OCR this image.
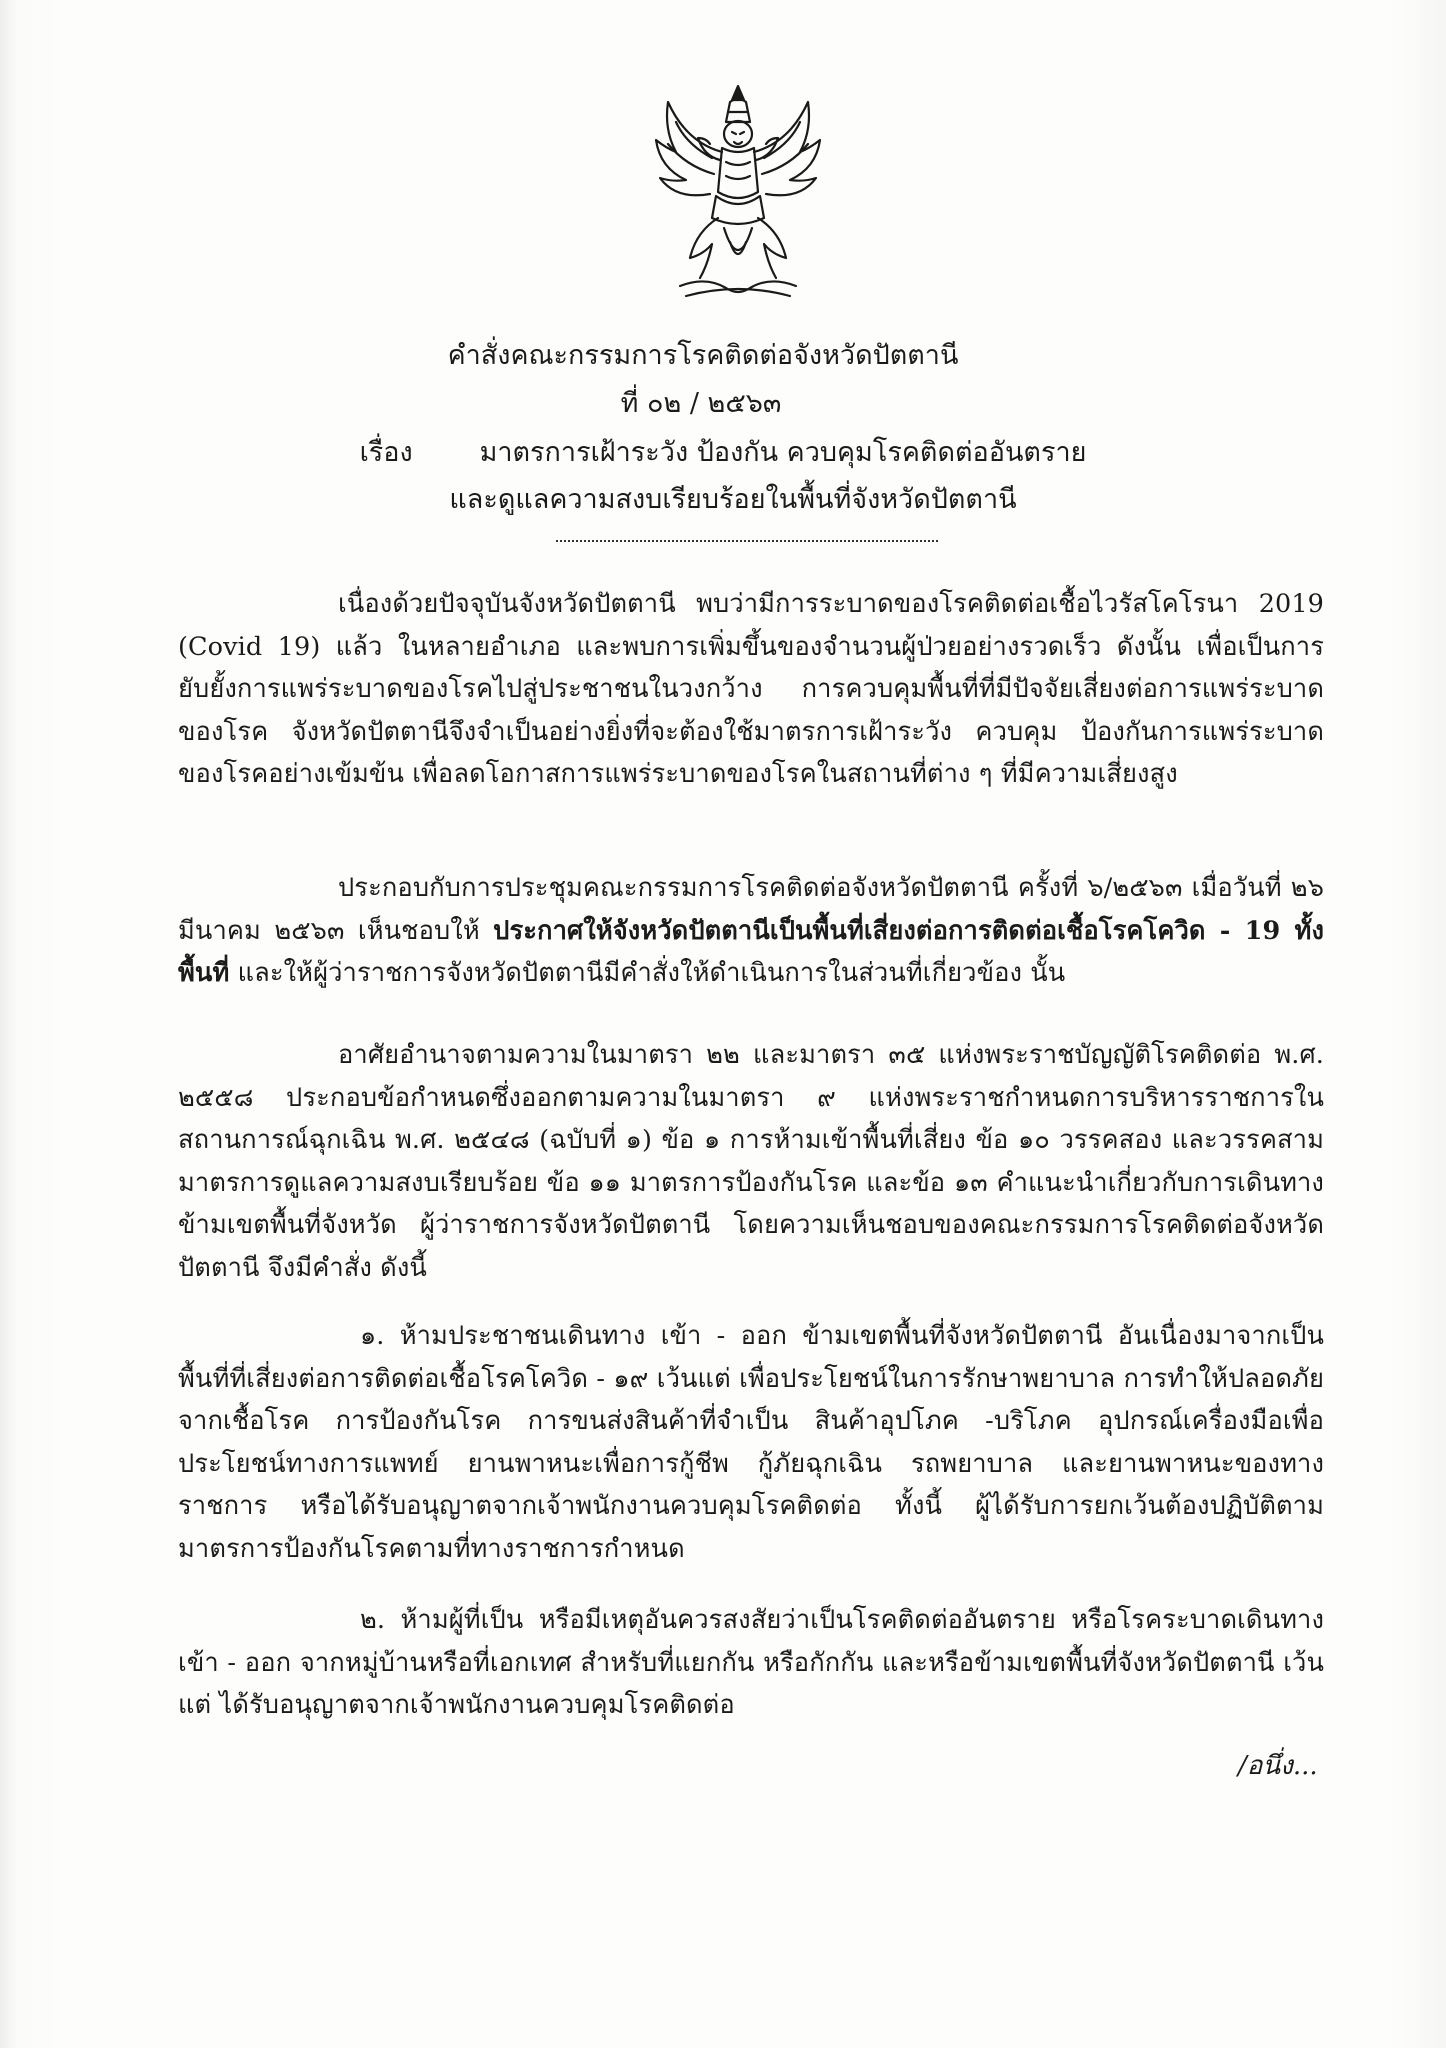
คำสั่งคณะกรรมการโรคติดต่อจังหวัดปัตตานี
ที่ ๐๒ / ๒๕๖๓
เรื่อง มาตรการเฝ้าระวัง ป้องกัน ควบคุมโรคติดต่ออันตราย
และดูแลความสงบเรียบร้อยในพื้นที่จังหวัดปัตตานี
เนื่องด้วยปัจจุบันจังหวัดปัตตานี พบว่ามีการระบาดของโรคติดต่อเชื้อไวรัสโคโรนา 2019 (Covid 19) แล้ว ในหลายอำเภอ และพบการเพิ่มขึ้นของจำนวนผู้ป่วยอย่างรวดเร็ว ดังนั้น เพื่อเป็นการยับยั้งการแพร่ระบาดของโรคไปสู่ประชาชนในวงกว้าง การควบคุมพื้นที่ที่มีปัจจัยเสี่ยงต่อการแพร่ระบาดของโรค จังหวัดปัตตานีจึงจำเป็นอย่างยิ่งที่จะต้องใช้มาตรการเฝ้าระวัง ควบคุม ป้องกันการแพร่ระบาดของโรคอย่างเข้มข้น เพื่อลดโอกาสการแพร่ระบาดของโรคในสถานที่ต่าง ๆ ที่มีความเสี่ยงสูง
ประกอบกับการประชุมคณะกรรมการโรคติดต่อจังหวัดปัตตานี ครั้งที่ ๖/๒๕๖๓ เมื่อวันที่ ๒๖ มีนาคม ๒๕๖๓ เห็นชอบให้ ประกาศให้จังหวัดปัตตานีเป็นพื้นที่เสี่ยงต่อการติดต่อเชื้อโรคโควิด - 19 ทั้งพื้นที่ และให้ผู้ว่าราชการจังหวัดปัตตานีมีคำสั่งให้ดำเนินการในส่วนที่เกี่ยวข้อง นั้น
อาศัยอำนาจตามความในมาตรา ๒๒ และมาตรา ๓๕ แห่งพระราชบัญญัติโรคติดต่อ พ.ศ. ๒๕๕๘ ประกอบข้อกำหนดซึ่งออกตามความในมาตรา ๙ แห่งพระราชกำหนดการบริหารราชการในสถานการณ์ฉุกเฉิน พ.ศ. ๒๕๔๘ (ฉบับที่ ๑) ข้อ ๑ การห้ามเข้าพื้นที่เสี่ยง ข้อ ๑๐ วรรคสอง และวรรคสาม มาตรการดูแลความสงบเรียบร้อย ข้อ ๑๑ มาตรการป้องกันโรค และข้อ ๑๓ คำแนะนำเกี่ยวกับการเดินทางข้ามเขตพื้นที่จังหวัด ผู้ว่าราชการจังหวัดปัตตานี โดยความเห็นชอบของคณะกรรมการโรคติดต่อจังหวัดปัตตานี จึงมีคำสั่ง ดังนี้
๑. ห้ามประชาชนเดินทาง เข้า - ออก ข้ามเขตพื้นที่จังหวัดปัตตานี อันเนื่องมาจากเป็นพื้นที่ที่เสี่ยงต่อการติดต่อเชื้อโรคโควิด - ๑๙ เว้นแต่ เพื่อประโยชน์ในการรักษาพยาบาล การทำให้ปลอดภัยจากเชื้อโรค การป้องกันโรค การขนส่งสินค้าที่จำเป็น สินค้าอุปโภค -บริโภค อุปกรณ์เครื่องมือเพื่อประโยชน์ทางการแพทย์ ยานพาหนะเพื่อการกู้ชีพ กู้ภัยฉุกเฉิน รถพยาบาล และยานพาหนะของทางราชการ หรือได้รับอนุญาตจากเจ้าพนักงานควบคุมโรคติดต่อ ทั้งนี้ ผู้ได้รับการยกเว้นต้องปฏิบัติตามมาตรการป้องกันโรคตามที่ทางราชการกำหนด
๒. ห้ามผู้ที่เป็น หรือมีเหตุอันควรสงสัยว่าเป็นโรคติดต่ออันตราย หรือโรคระบาดเดินทาง เข้า - ออก จากหมู่บ้านหรือที่เอกเทศ สำหรับที่แยกกัน หรือกักกัน และหรือข้ามเขตพื้นที่จังหวัดปัตตานี เว้นแต่ ได้รับอนุญาตจากเจ้าพนักงานควบคุมโรคติดต่อ
/อนึ่ง...
